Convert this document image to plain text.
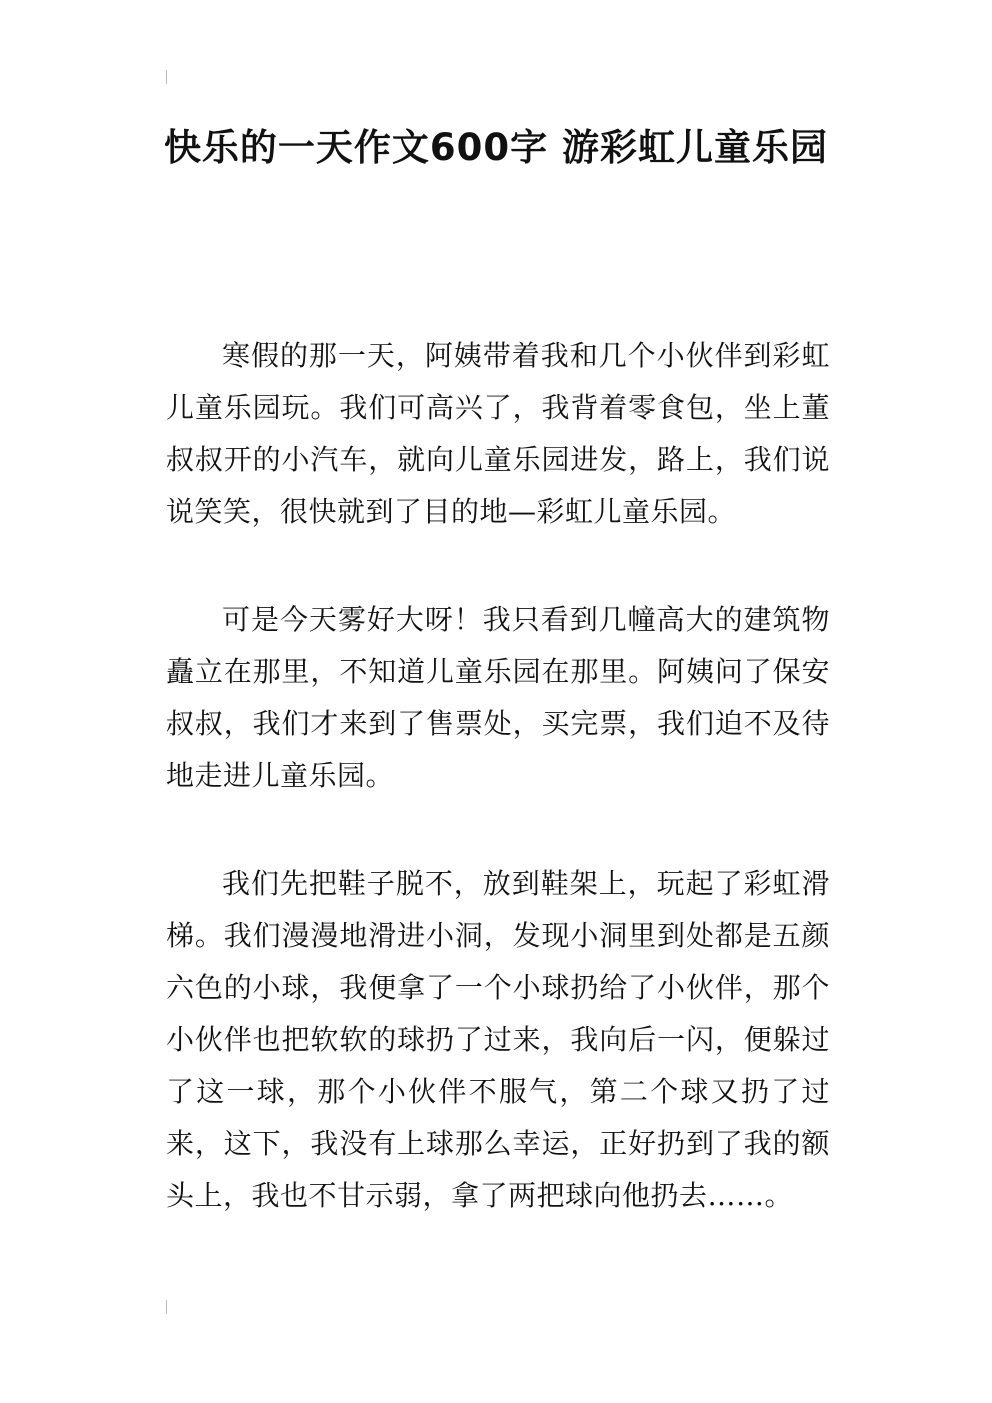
快乐的一天作文600字 游彩虹儿童乐园

寒假的那一天，阿姨带着我和几个小伙伴到彩虹儿童乐园玩。我们可高兴了，我背着零食包，坐上董叔叔开的小汽车，就向儿童乐园进发，路上，我们说说笑笑，很快就到了目的地—彩虹儿童乐园。

可是今天雾好大呀！我只看到几幢高大的建筑物矗立在那里，不知道儿童乐园在那里。阿姨问了保安叔叔，我们才来到了售票处，买完票，我们迫不及待地走进儿童乐园。

我们先把鞋子脱不，放到鞋架上，玩起了彩虹滑梯。我们漫漫地滑进小洞，发现小洞里到处都是五颜六色的小球，我便拿了一个小球扔给了小伙伴，那个小伙伴也把软软的球扔了过来，我向后一闪，便躲过了这一球，那个小伙伴不服气，第二个球又扔了过来，这下，我没有上球那么幸运，正好扔到了我的额头上，我也不甘示弱，拿了两把球向他扔去……。
